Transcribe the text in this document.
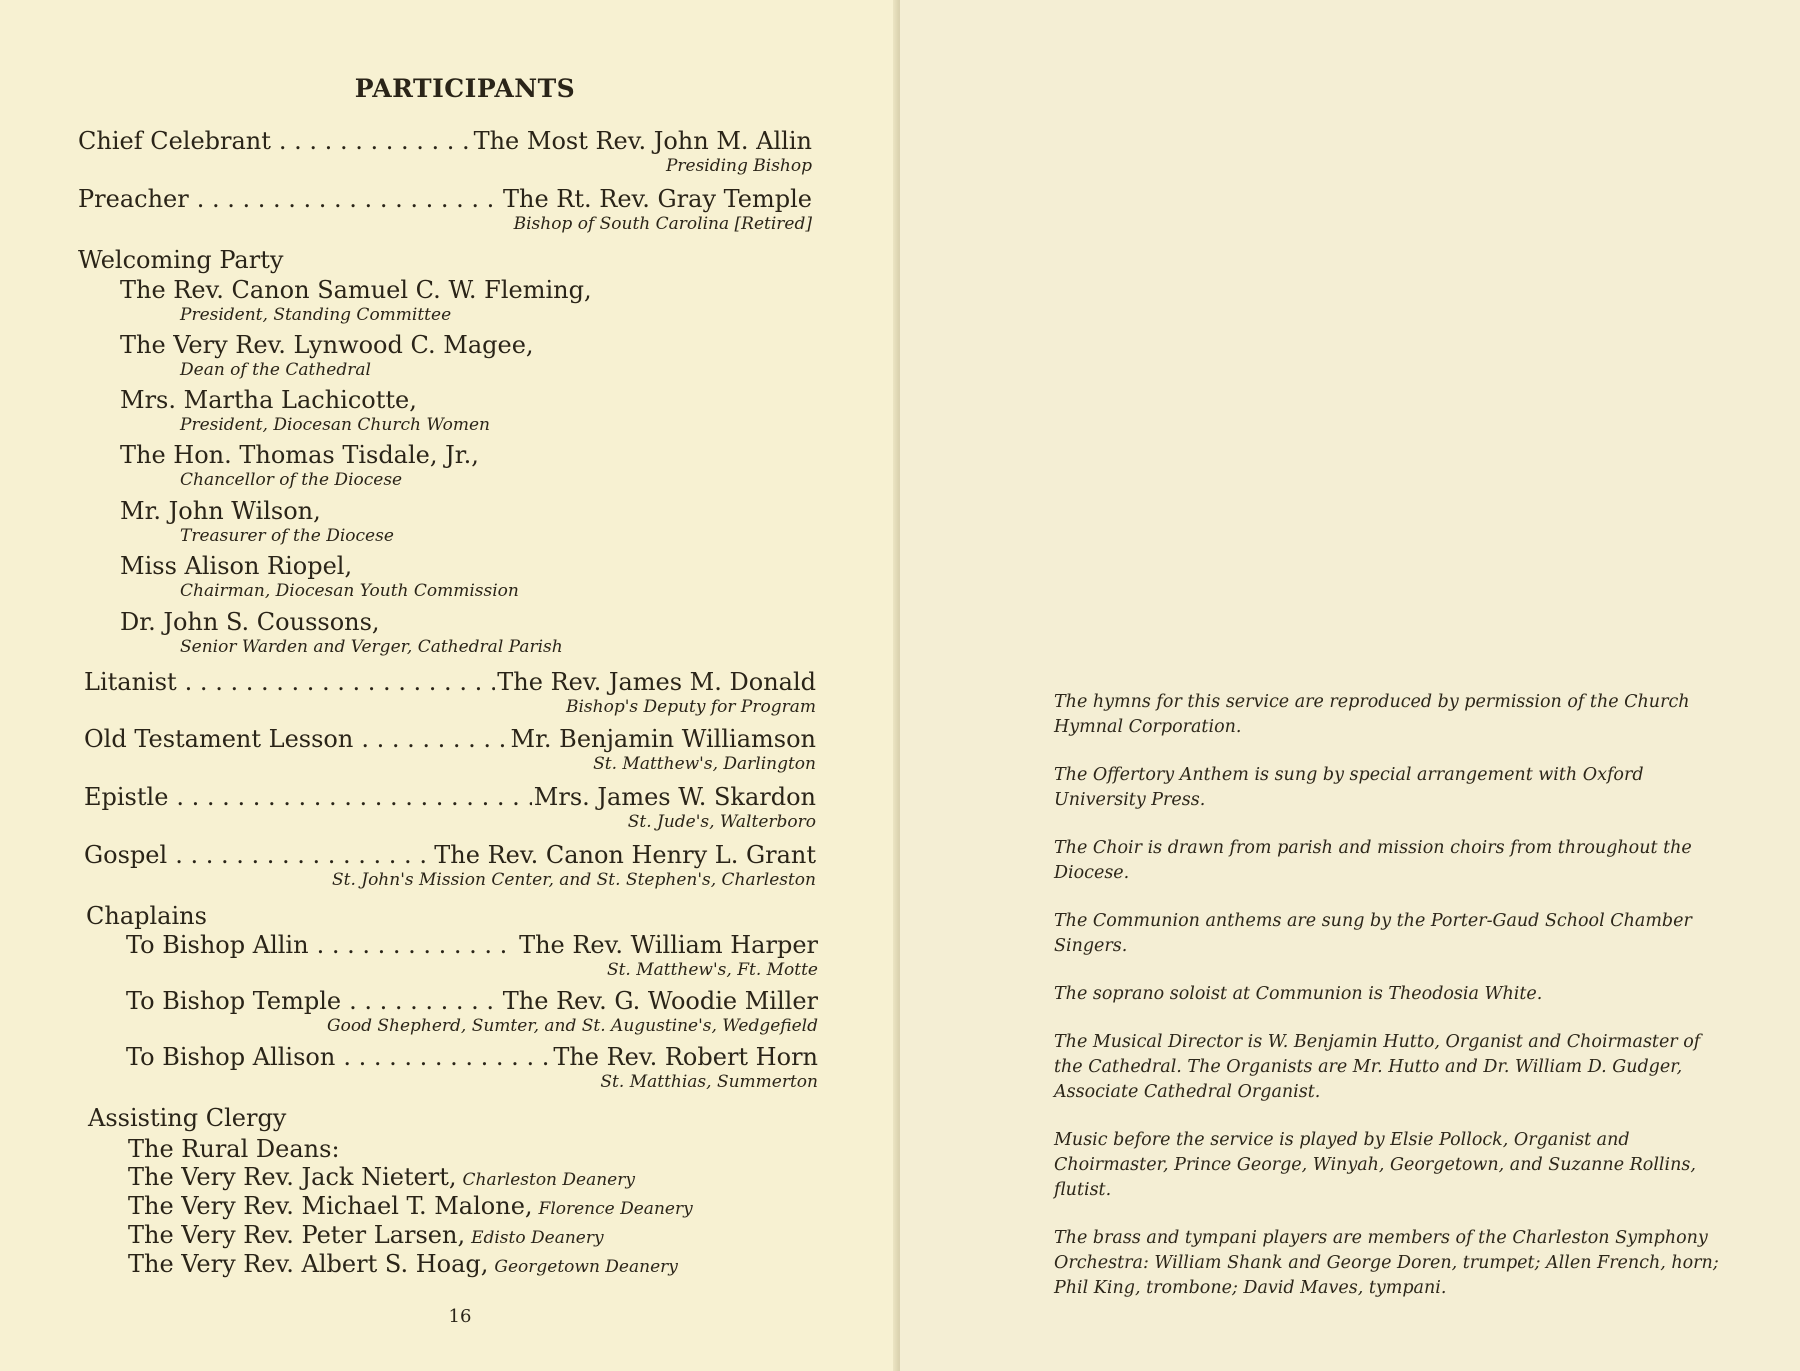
PARTICIPANTS
Chief Celebrant . . .	The Most Rev. John M. Allin
Presiding Bishop
Preacher . . .	The Rt. Rev. Gray Temple
Bishop of South Carolina [Retired]
Welcoming Party
The Rev. Canon Samuel C. W. Fleming,
President, Standing Committee
The Very Rev. Lynwood C. Magee,
Dean of the Cathedral
Mrs. Martha Lachicotte,
President, Diocesan Church Women
The Hon. Thomas Tisdale, Jr.,
Chancellor of the Diocese
Mr. John Wilson,
Treasurer of the Diocese
Miss Alison Riopel,
Chairman, Diocesan Youth Commission
Dr. John S. Coussons,
Senior Warden and Verger, Cathedral Parish
Litanist . . .	The Rev. James M. Donald
Bishop's Deputy for Program
Old Testament Lesson . . .	Mr. Benjamin Williamson
St. Matthew's, Darlington
Epistle . . .	Mrs. James W. Skardon
St. Jude's, Walterboro
Gospel . . .	The Rev. Canon Henry L. Grant
St. John's Mission Center, and St. Stephen's, Charleston
Chaplains
To Bishop Allin . . .	The Rev. William Harper
St. Matthew's, Ft. Motte
To Bishop Temple . . .	The Rev. G. Woodie Miller
Good Shepherd, Sumter, and St. Augustine's, Wedgefield
To Bishop Allison . . .	The Rev. Robert Horn
St. Matthias, Summerton
Assisting Clergy
The Rural Deans:
The Very Rev. Jack Nietert, Charleston Deanery
The Very Rev. Michael T. Malone, Florence Deanery
The Very Rev. Peter Larsen, Edisto Deanery
The Very Rev. Albert S. Hoag, Georgetown Deanery
16

The hymns for this service are reproduced by permission of the Church Hymnal Corporation.

The Offertory Anthem is sung by special arrangement with Oxford University Press.

The Choir is drawn from parish and mission choirs from throughout the Diocese.

The Communion anthems are sung by the Porter-Gaud School Chamber Singers.

The soprano soloist at Communion is Theodosia White.

The Musical Director is W. Benjamin Hutto, Organist and Choirmaster of the Cathedral. The Organists are Mr. Hutto and Dr. William D. Gudger, Associate Cathedral Organist.

Music before the service is played by Elsie Pollock, Organist and Choirmaster, Prince George, Winyah, Georgetown, and Suzanne Rollins, flutist.

The brass and tympani players are members of the Charleston Symphony Orchestra: William Shank and George Doren, trumpet; Allen French, horn; Phil King, trombone; David Maves, tympani.
